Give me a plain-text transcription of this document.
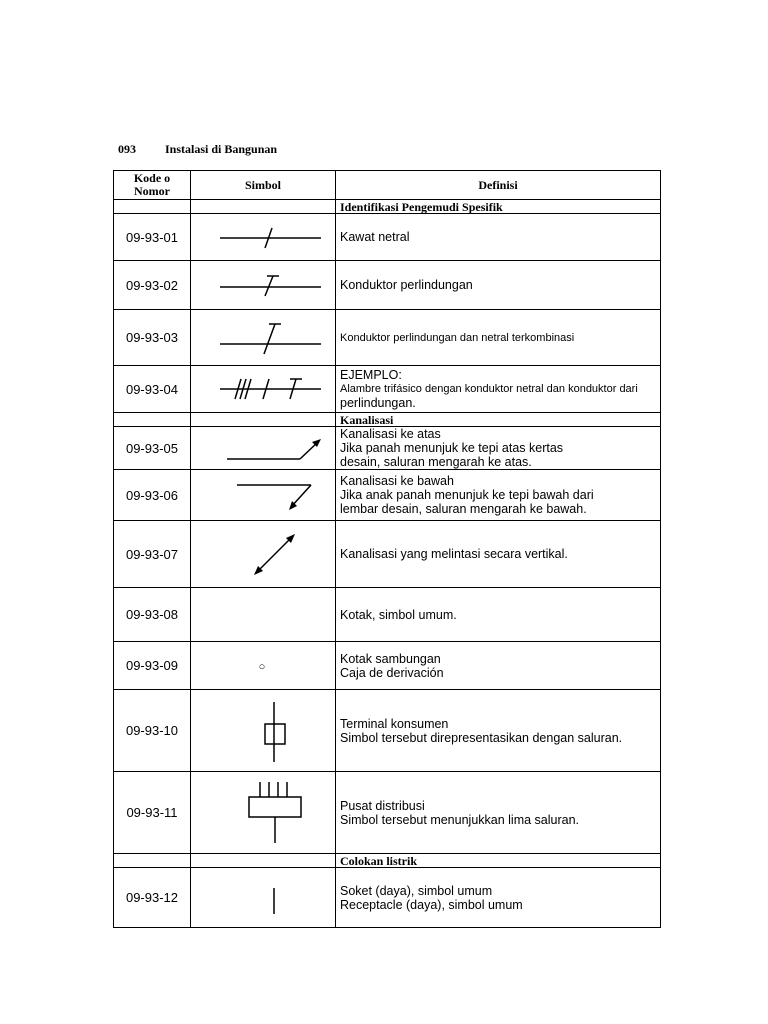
093 Instalasi di Bangunan
Kode o Nomor	Simbol	Definisi
		Identifikasi Pengemudi Spesifik
09-93-01		Kawat netral

09-93-02		Konduktor perlindungan

09-93-03		Konduktor perlindungan dan netral terkombinasi

09-93-04		EJEMPLO:
Alambre trifásico dengan konduktor netral dan konduktor dari
perlindungan.

		Kanalisasi
09-93-05		Kanalisasi ke atas
Jika panah menunjuk ke tepi atas kertas
desain, saluran mengarah ke atas.

09-93-06		Kanalisasi ke bawah
Jika anak panah menunjuk ke tepi bawah dari
lembar desain, saluran mengarah ke bawah.

09-93-07		Kanalisasi yang melintasi secara vertikal.

09-93-08		Kotak, simbol umum.

09-93-09	○	Kotak sambungan
Caja de derivación

09-93-10		Terminal konsumen
Simbol tersebut direpresentasikan dengan saluran.

09-93-11		Pusat distribusi
Simbol tersebut menunjukkan lima saluran.

		Colokan listrik
09-93-12		Soket (daya), simbol umum
Receptacle (daya), simbol umum
